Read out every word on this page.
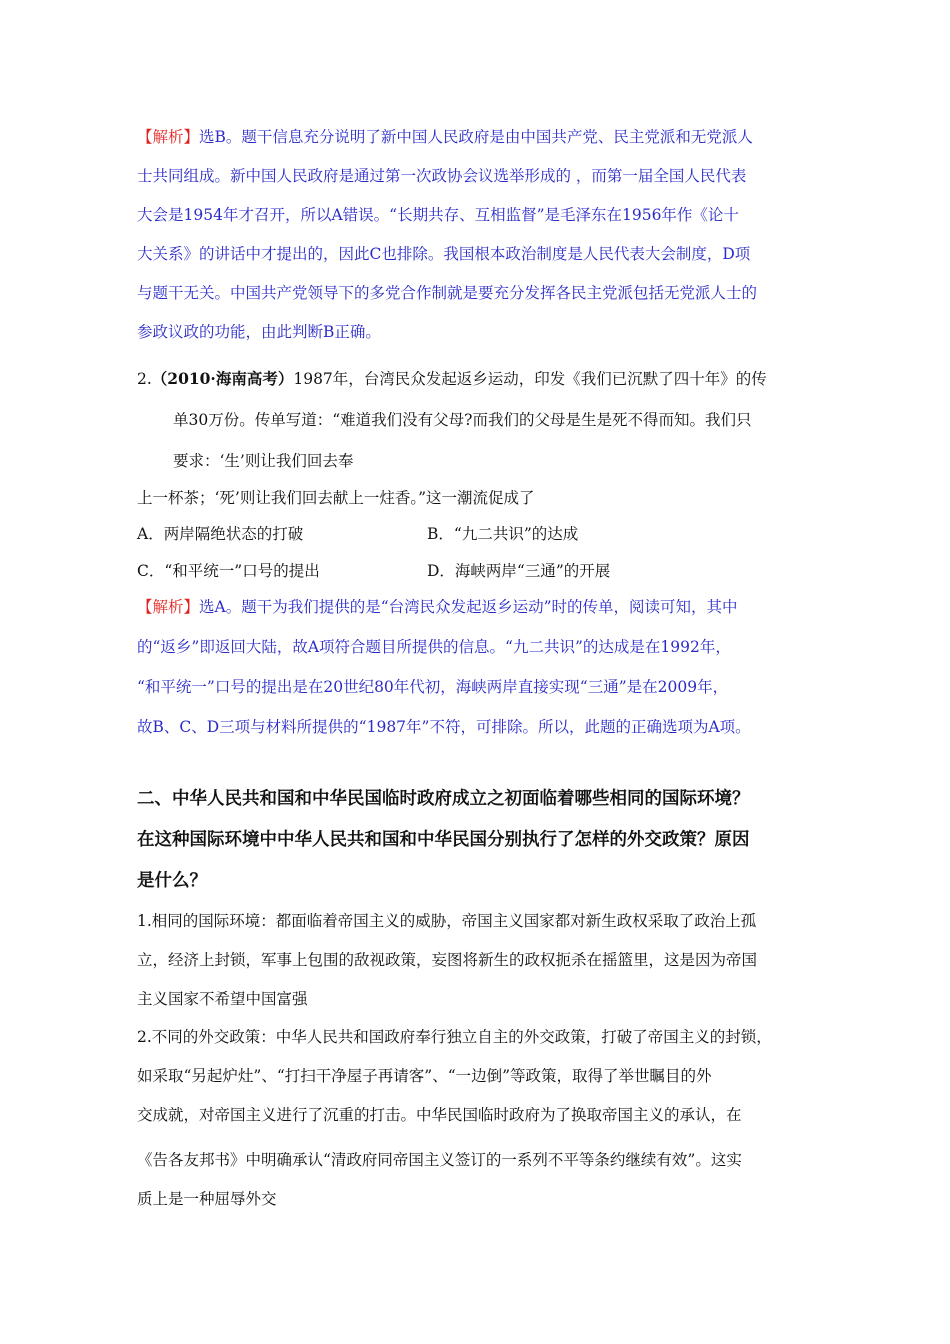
【解析】选B。题干信息充分说明了新中国人民政府是由中国共产党、民主党派和无党派人
士共同组成。新中国人民政府是通过第一次政协会议选举形成的 ，而第一届全国人民代表
大会是1954年才召开，所以A错误。“长期共存、互相监督”是毛泽东在1956年作《论十
大关系》的讲话中才提出的，因此C也排除。我国根本政治制度是人民代表大会制度，D项
与题干无关。中国共产党领导下的多党合作制就是要充分发挥各民主党派包括无党派人士的
参政议政的功能，由此判断B正确。
2.（2010·海南高考）1987年，台湾民众发起返乡运动，印发《我们已沉默了四十年》的传
单30万份。传单写道：“难道我们没有父母?而我们的父母是生是死不得而知。我们只
要求：‘生’则让我们回去奉
上一杯茶；‘死’则让我们回去献上一炷香。”这一潮流促成了
A．两岸隔绝状态的打破	B．“九二共识”的达成
C．“和平统一”口号的提出	D．海峡两岸“三通”的开展
【解析】选A。题干为我们提供的是“台湾民众发起返乡运动”时的传单，阅读可知，其中
的“返乡”即返回大陆，故A项符合题目所提供的信息。“九二共识”的达成是在1992年，
“和平统一”口号的提出是在20世纪80年代初，海峡两岸直接实现“三通”是在2009年，
故B、C、D三项与材料所提供的“1987年”不符，可排除。所以，此题的正确选项为A项。
二、中华人民共和国和中华民国临时政府成立之初面临着哪些相同的国际环境？
在这种国际环境中中华人民共和国和中华民国分别执行了怎样的外交政策？原因
是什么？
1.相同的国际环境：都面临着帝国主义的威胁，帝国主义国家都对新生政权采取了政治上孤
立，经济上封锁，军事上包围的敌视政策，妄图将新生的政权扼杀在摇篮里，这是因为帝国
主义国家不希望中国富强
2.不同的外交政策：中华人民共和国政府奉行独立自主的外交政策，打破了帝国主义的封锁，
如采取“另起炉灶”、“打扫干净屋子再请客”、“一边倒”等政策，取得了举世瞩目的外
交成就，对帝国主义进行了沉重的打击。中华民国临时政府为了换取帝国主义的承认，在
《告各友邦书》中明确承认“清政府同帝国主义签订的一系列不平等条约继续有效”。这实
质上是一种屈辱外交
